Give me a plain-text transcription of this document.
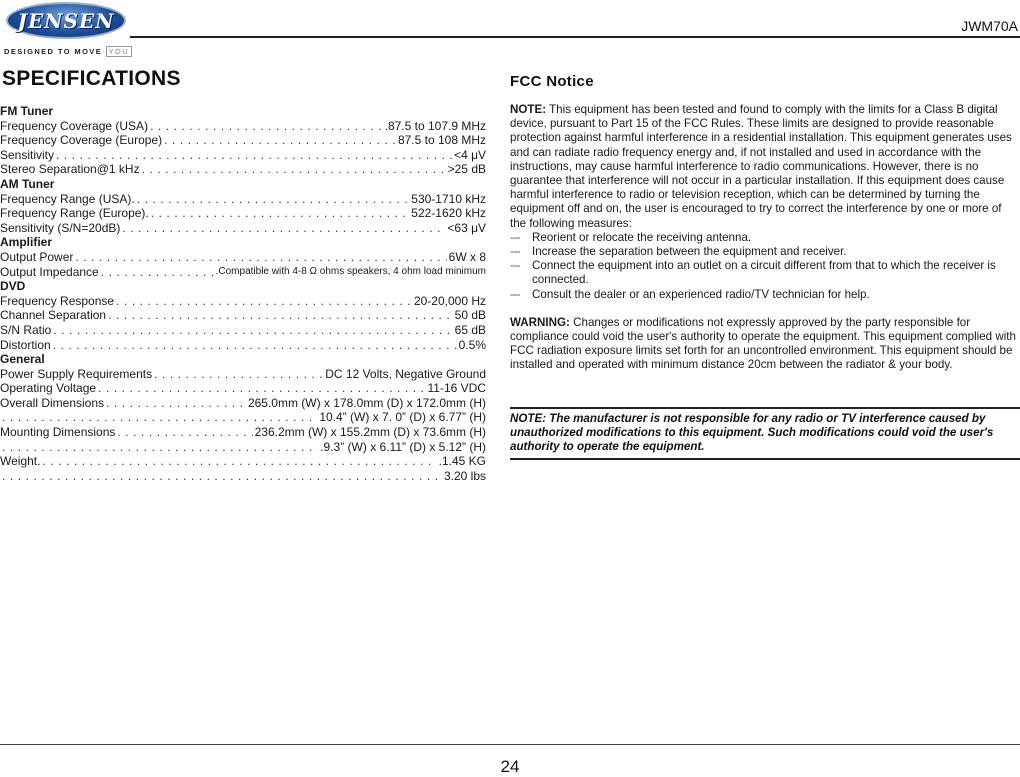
JENSEN
DESIGNED TO MOVE YOU
JWM70A
SPECIFICATIONS
FM Tuner
Frequency Coverage (USA) . . .	.87.5 to 107.9 MHz
Frequency Coverage (Europe) . . .	87.5 to 108 MHz
Sensitivity . . .	<4 μV
Stereo Separation@1 kHz . . .	>25 dB
AM Tuner
Frequency Range (USA). . . .	530-1710 kHz
Frequency Range (Europe). . . .	522-1620 kHz
Sensitivity (S/N=20dB) . . .	<63 μV
Amplifier
Output Power . . .	6W x 8
Output Impedance . . .	.Compatible with 4-8 Ω ohms speakers, 4 ohm load minimum
DVD
Frequency Response . . .	20-20,000 Hz
Channel Separation . . .	50 dB
S/N Ratio . . .	65 dB
Distortion . . .	0.5%
General
Power Supply Requirements . . .	DC 12 Volts, Negative Ground
Operating Voltage . . .	11-16 VDC
Overall Dimensions . . .	265.0mm (W) x 178.0mm (D) x 172.0mm (H)
. . .
10.4” (W) x 7. 0” (D) x 6.77” (H)
Mounting Dimensions . . .	236.2mm (W) x 155.2mm (D) x 73.6mm (H)
. . .
.9.3” (W) x 6.11” (D) x 5.12” (H)
Weight. . . .	.1.45 KG
. . .
3.20 lbs
FCC Notice

NOTE: This equipment has been tested and found to comply with the limits for a Class B digital device, pursuant to Part 15 of the FCC Rules. These limits are designed to provide reasonable protection against harmful interference in a residential installation. This equipment generates uses and can radiate radio frequency energy and, if not installed and used in accordance with the instructions, may cause harmful interference to radio communications. However, there is no guarantee that interference will not occur in a particular installation. If this equipment does cause harmful interference to radio or television reception, which can be determined by turning the equipment off and on, the user is encouraged to try to correct the interference by one or more of the following measures:

--- Reorient or relocate the receiving antenna.
--- Increase the separation between the equipment and receiver.
--- Connect the equipment into an outlet on a circuit different from that to which the receiver is connected.
--- Consult the dealer or an experienced radio/TV technician for help.

WARNING: Changes or modifications not expressly approved by the party responsible for compliance could void the user's authority to operate the equipment. This equipment complied with FCC radiation exposure limits set forth for an uncontrolled environment. This equipment should be installed and operated with minimum distance 20cm between the radiator & your body.

NOTE: The manufacturer is not responsible for any radio or TV interference caused by unauthorized modifications to this equipment. Such modifications could void the user's authority to operate the equipment.
24
